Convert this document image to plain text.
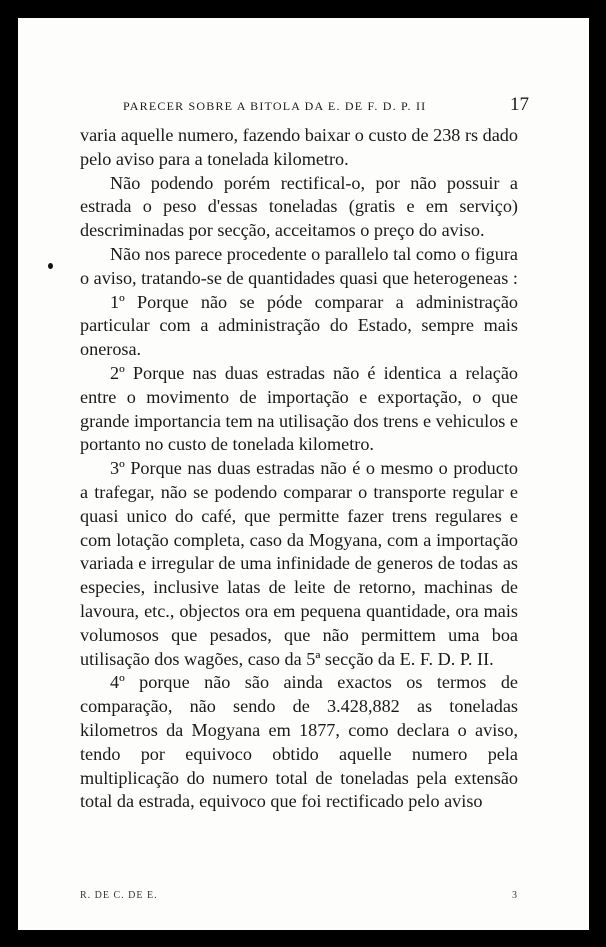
PARECER SOBRE A BITOLA DA E. DE F. D. P. II	17

varia aquelle numero, fazendo baixar o custo de 238 rs dado pelo aviso para a tonelada kilometro.

Não podendo porém rectifical-o, por não possuir a estrada o peso d'essas toneladas (gratis e em serviço) descriminadas por secção, acceitamos o preço do aviso.

Não nos parece procedente o parallelo tal como o figura o aviso, tratando-se de quantidades quasi que heterogeneas :

1º Porque não se póde comparar a administração particular com a administração do Estado, sempre mais onerosa.

2º Porque nas duas estradas não é identica a relação entre o movimento de importação e exportação, o que grande importancia tem na utilisação dos trens e vehiculos e portanto no custo de tonelada kilometro.

3º Porque nas duas estradas não é o mesmo o producto a trafegar, não se podendo comparar o transporte regular e quasi unico do café, que permitte fazer trens regulares e com lotação completa, caso da Mogyana, com a importação variada e irregular de uma infinidade de generos de todas as especies, inclusive latas de leite de retorno, machinas de lavoura, etc., objectos ora em pequena quantidade, ora mais volumosos que pesados, que não permittem uma boa utilisação dos wagões, caso da 5ª secção da E. F. D. P. II.

4º porque não são ainda exactos os termos de comparação, não sendo de 3.428,882 as toneladas kilometros da Mogyana em 1877, como declara o aviso, tendo por equivoco obtido aquelle numero pela multiplicação do numero total de toneladas pela extensão total da estrada, equivoco que foi rectificado pelo aviso

R. DE C. DE E.	3
